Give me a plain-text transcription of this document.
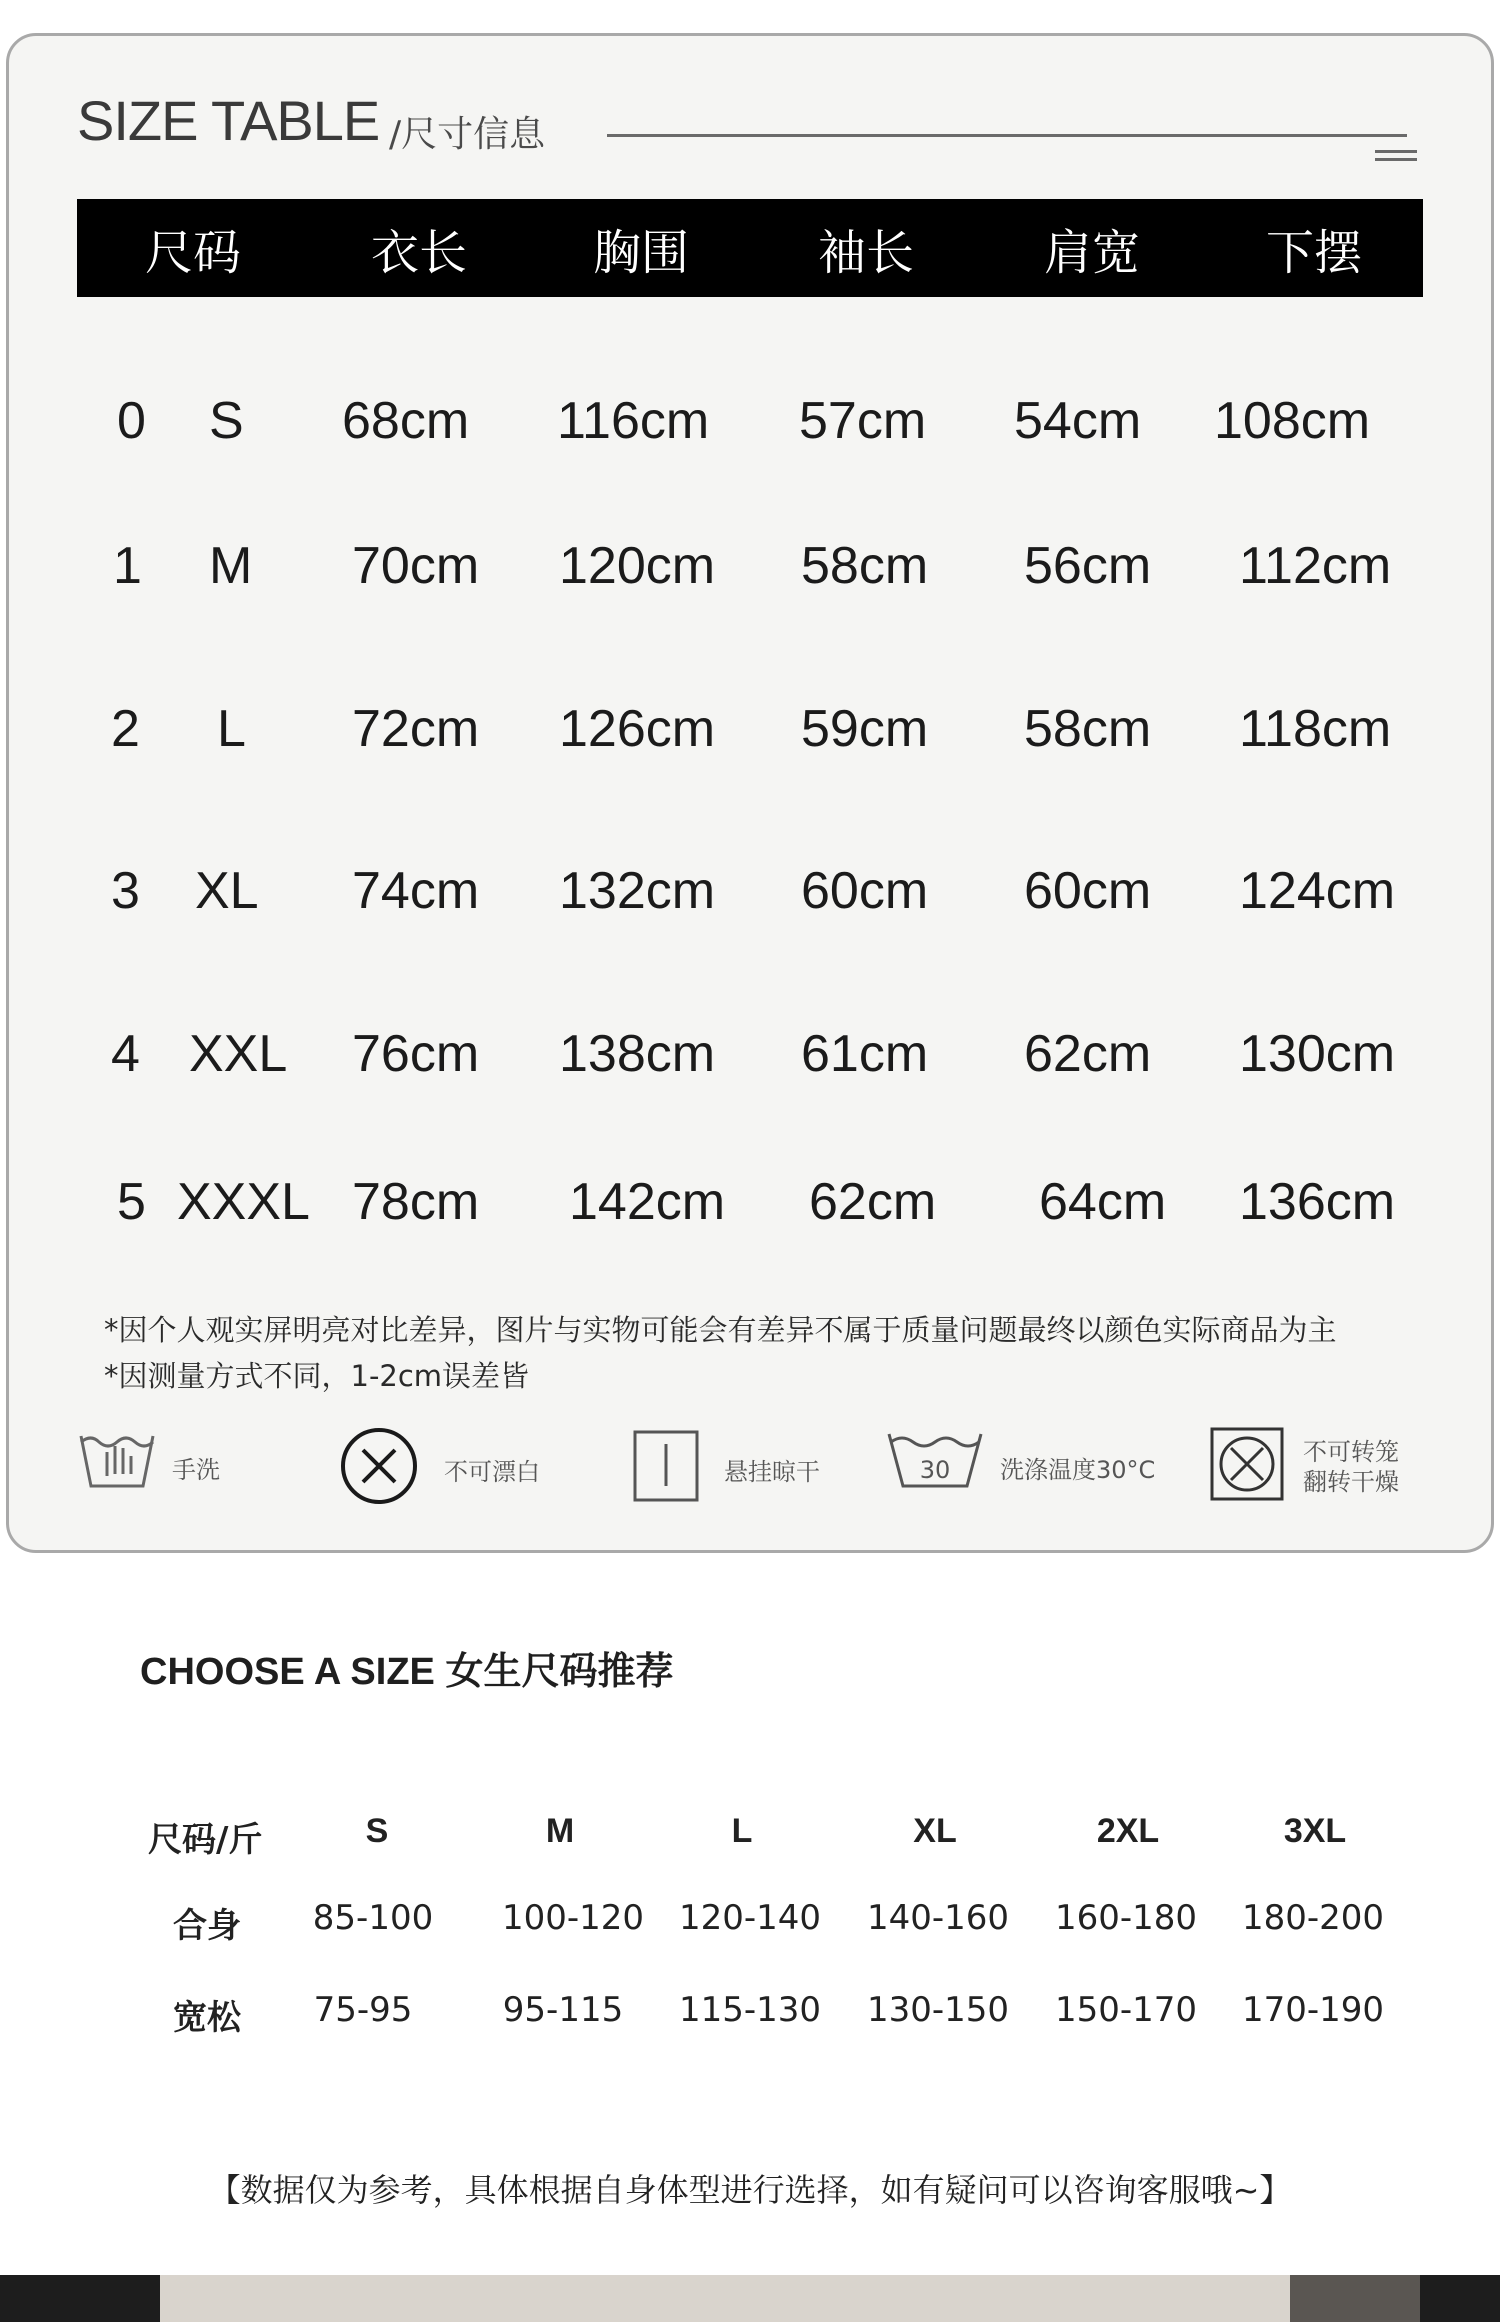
SIZE TABLE /尺寸信息
尺码	衣长	胸围	袖长	肩宽	下摆
0 S 68cm 116cm 57cm 54cm 108cm
1 M 70cm 120cm 58cm 56cm 112cm
2 L 72cm 126cm 59cm 58cm 118cm
3 XL 74cm 132cm 60cm 60cm 124cm
4 XXL 76cm 138cm 61cm 62cm 130cm
5 XXXL 78cm 142cm 62cm 64cm 136cm
*因个人观实屏明亮对比差异，图片与实物可能会有差异不属于质量问题最终以颜色实际商品为主
*因测量方式不同，1-2cm误差皆
手洗	不可漂白	悬挂晾干	30 洗涤温度30°C
不可转笼
翻转干燥
CHOOSE A SIZE 女生尺码推荐
尺码/斤	S	M	L	XL	2XL	3XL
合身 85-100 100-120 120-140 140-160 160-180 180-200
宽松 75-95	95-115 115-130 130-150 150-170 170-190
【数据仅为参考，具体根据自身体型进行选择，如有疑问可以咨询客服哦~】
